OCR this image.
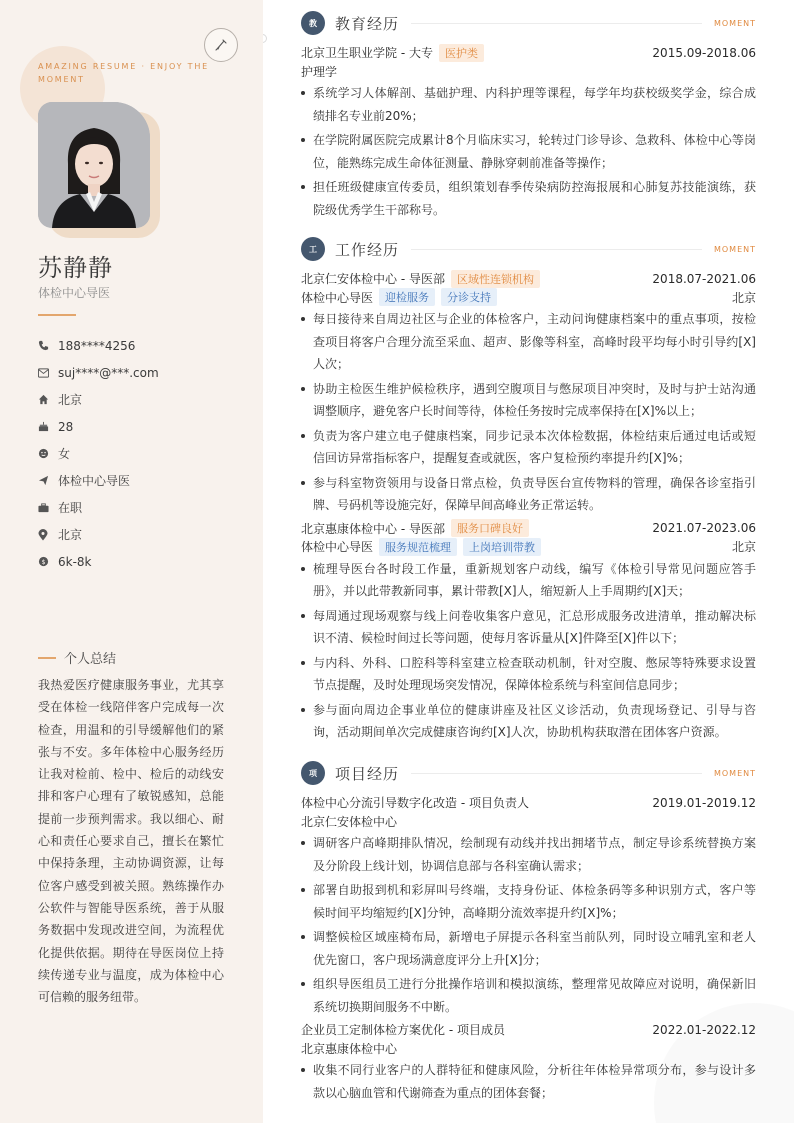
AMAZING RESUME · ENJOY THE MOMENT
苏静静
体检中心导医
188****4256
suj****@***.com
北京
28
女
体检中心导医
在职
北京
$ 6k-8k
个人总结

我热爱医疗健康服务事业，尤其享受在体检一线陪伴客户完成每一次检查，用温和的引导缓解他们的紧张与不安。多年体检中心服务经历让我对检前、检中、检后的动线安排和客户心理有了敏锐感知，总能提前一步预判需求。我以细心、耐心和责任心要求自己，擅长在繁忙中保持条理，主动协调资源，让每位客户感受到被关照。熟练操作办公软件与智能导医系统，善于从服务数据中发现改进空间，为流程优化提供依据。期待在导医岗位上持续传递专业与温度，成为体检中心可信赖的服务纽带。

教	教育经历	MOMENT
北京卫生职业学院 - 大专	医护类	2015.09-2018.06
护理学
系统学习人体解剖、基础护理、内科护理等课程，每学年均获校级奖学金，综合成绩排名专业前20%；
在学院附属医院完成累计8个月临床实习，轮转过门诊导诊、急救科、体检中心等岗位，能熟练完成生命体征测量、静脉穿刺前准备等操作；
担任班级健康宣传委员，组织策划春季传染病防控海报展和心肺复苏技能演练，获院级优秀学生干部称号。
工	工作经历	MOMENT
北京仁安体检中心 - 导医部	区域性连锁机构	2018.07-2021.06
体检中心导医	迎检服务	分诊支持	北京
每日接待来自周边社区与企业的体检客户，主动问询健康档案中的重点事项，按检查项目将客户合理分流至采血、超声、影像等科室，高峰时段平均每小时引导约[X]人次；
协助主检医生维护候检秩序，遇到空腹项目与憋尿项目冲突时，及时与护士站沟通调整顺序，避免客户长时间等待，体检任务按时完成率保持在[X]%以上；
负责为客户建立电子健康档案，同步记录本次体检数据，体检结束后通过电话或短信回访异常指标客户，提醒复查或就医，客户复检预约率提升约[X]%；
参与科室物资领用与设备日常点检，负责导医台宣传物料的管理，确保各诊室指引牌、号码机等设施完好，保障早间高峰业务正常运转。
北京惠康体检中心 - 导医部	服务口碑良好	2021.07-2023.06
体检中心导医	服务规范梳理	上岗培训带教	北京
梳理导医台各时段工作量，重新规划客户动线，编写《体检引导常见问题应答手册》，并以此带教新同事，累计带教[X]人，缩短新人上手周期约[X]天；
每周通过现场观察与线上问卷收集客户意见，汇总形成服务改进清单，推动解决标识不清、候检时间过长等问题，使每月客诉量从[X]件降至[X]件以下；
与内科、外科、口腔科等科室建立检查联动机制，针对空腹、憋尿等特殊要求设置节点提醒，及时处理现场突发情况，保障体检系统与科室间信息同步；
参与面向周边企事业单位的健康讲座及社区义诊活动，负责现场登记、引导与咨询，活动期间单次完成健康咨询约[X]人次，协助机构获取潜在团体客户资源。
项	项目经历	MOMENT
体检中心分流引导数字化改造 - 项目负责人	2019.01-2019.12
北京仁安体检中心
调研客户高峰期排队情况，绘制现有动线并找出拥堵节点，制定导诊系统替换方案及分阶段上线计划，协调信息部与各科室确认需求；
部署自助报到机和彩屏叫号终端，支持身份证、体检条码等多种识别方式，客户等候时间平均缩短约[X]分钟，高峰期分流效率提升约[X]%；
调整候检区域座椅布局，新增电子屏提示各科室当前队列，同时设立哺乳室和老人优先窗口，客户现场满意度评分上升[X]分；
组织导医组员工进行分批操作培训和模拟演练，整理常见故障应对说明，确保新旧系统切换期间服务不中断。
企业员工定制体检方案优化 - 项目成员	2022.01-2022.12
北京惠康体检中心
收集不同行业客户的人群特征和健康风险，分析往年体检异常项分布，参与设计多款以心脑血管和代谢筛查为重点的团体套餐；
